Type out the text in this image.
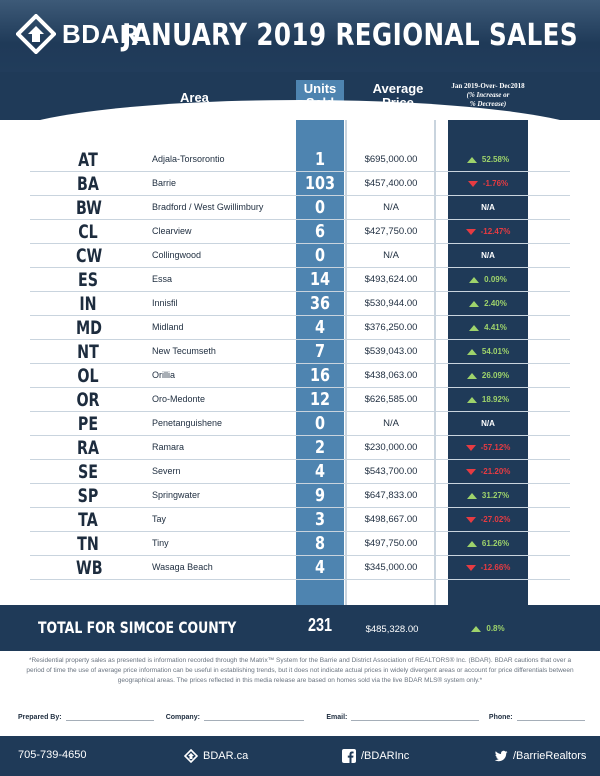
BDAR
JANUARY 2019 REGIONAL SALES
Area
Units
Sold
Average
Price
Jan 2019-Over- Dec2018
(% Increase or
% Decrease)
AT	Adjala-Torsorontio	1	$695,000.00	52.58%
BA	Barrie	103	$457,400.00	-1.76%
BW	Bradford / West Gwillimbury	0	N/A	N/A
CL	Clearview	6	$427,750.00	-12.47%
CW	Collingwood	0	N/A	N/A
ES	Essa	14	$493,624.00	0.09%
IN	Innisfil	36	$530,944.00	2.40%
MD	Midland	4	$376,250.00	4.41%
NT	New Tecumseth	7	$539,043.00	54.01%
OL	Orillia	16	$438,063.00	26.09%
OR	Oro-Medonte	12	$626,585.00	18.92%
PE	Penetanguishene	0	N/A	N/A
RA	Ramara	2	$230,000.00	-57.12%
SE	Severn	4	$543,700.00	-21.20%
SP	Springwater	9	$647,833.00	31.27%
TA	Tay	3	$498,667.00	-27.02%
TN	Tiny	8	$497,750.00	61.26%
WB	Wasaga Beach	4	$345,000.00	-12.66%
TOTAL FOR SIMCOE COUNTY	231	$485,328.00	0.8%
*Residential property sales as presented is information recorded through the Matrix™ System for the Barrie and District Association of REALTORS® Inc. (BDAR). BDAR cautions that over a period of time the use of average price information can be useful in establishing trends, but it does not indicate actual prices in widely divergent areas or account for price differentials between geographical areas. The prices reflected in this media release are based on homes sold via the live BDAR MLS® system only.*
Prepared By:	Company:	Email:	Phone:
705-739-4650	BDAR.ca	/BDARInc	/BarrieRealtors
